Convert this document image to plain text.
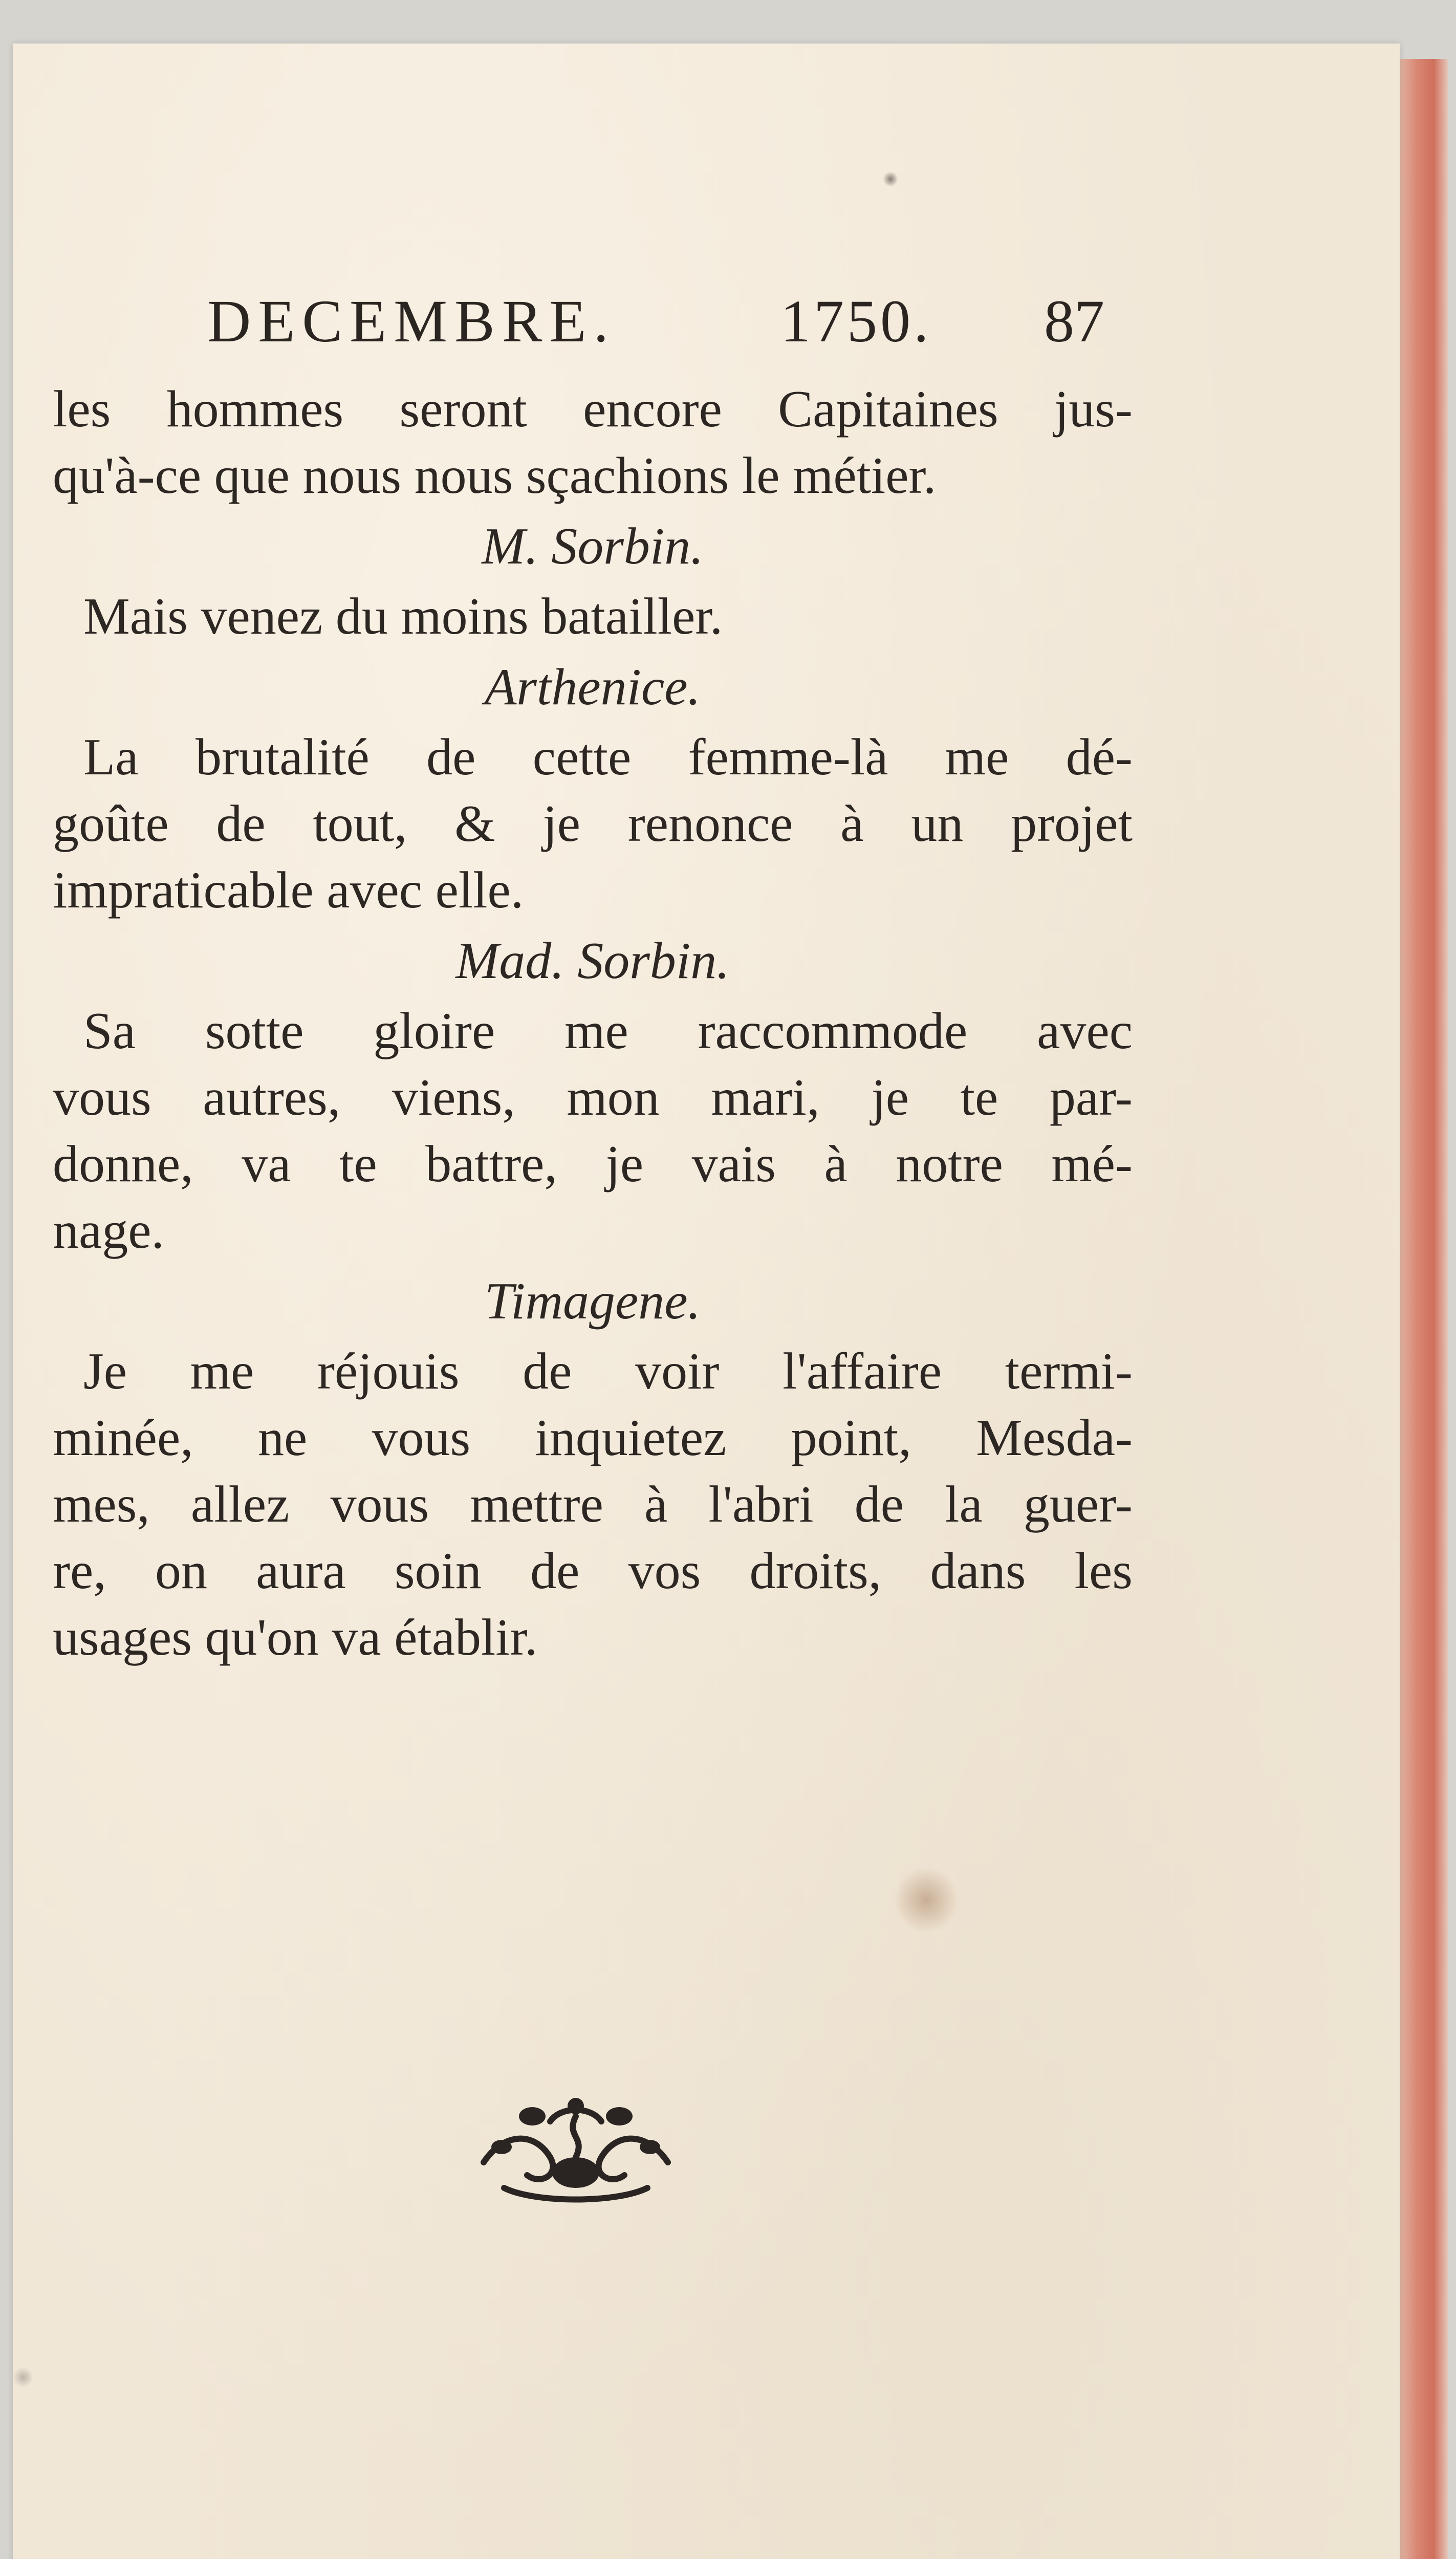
DECEMBRE.	1750. 87
les hommes seront encore Capitaines jus-
qu'à-ce que nous nous sçachions le métier.
M. Sorbin.
Mais venez du moins batailler.
Arthenice.
La brutalité de cette femme-là me dé-
goûte de tout, & je renonce à un projet
impraticable avec elle.
Mad. Sorbin.
Sa sotte gloire me raccommode avec
vous autres, viens, mon mari, je te par-
donne, va te battre, je vais à notre mé-
nage.
Timagene.
Je me réjouis de voir l'affaire termi-
minée, ne vous inquietez point, Mesda-
mes, allez vous mettre à l'abri de la guer-
re, on aura soin de vos droits, dans les
usages qu'on va établir.
